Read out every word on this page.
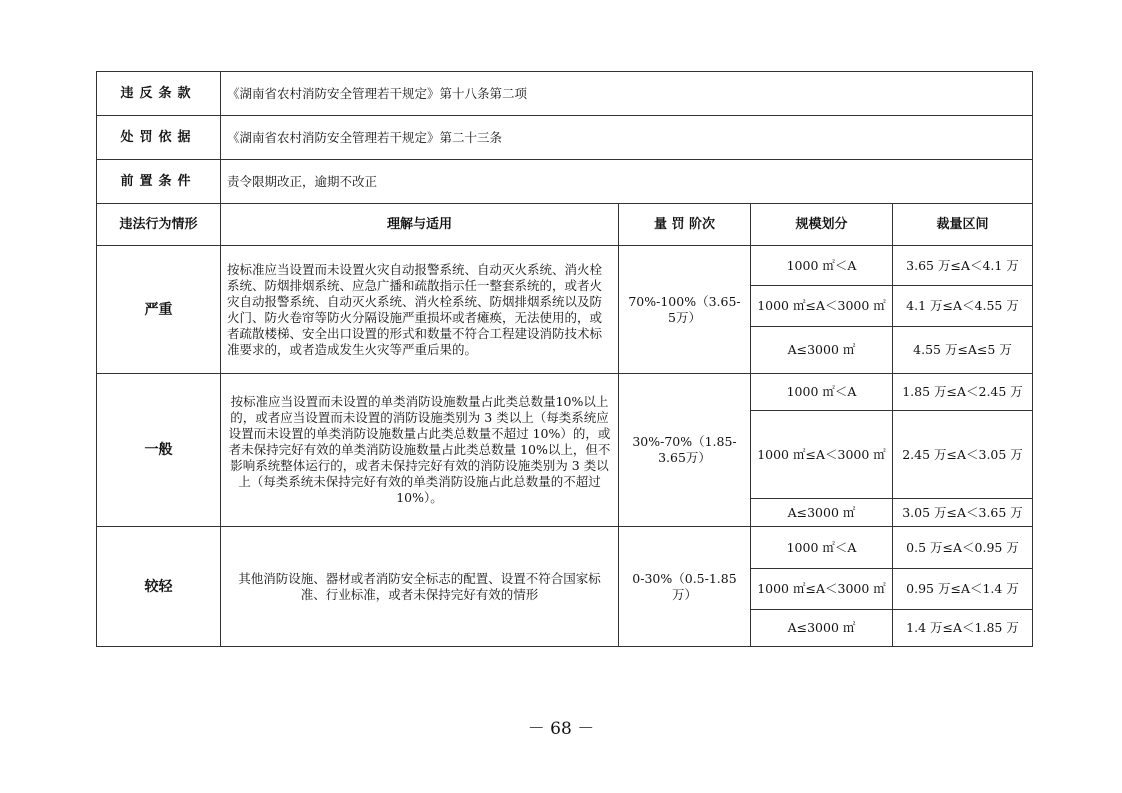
违反条款	《湖南省农村消防安全管理若干规定》第十八条第二项			
处罚依据	《湖南省农村消防安全管理若干规定》第二十三条			
前置条件	责令限期改正，逾期不改正			
违法行为情形	理解与适用	量 罚 阶次	规模划分	裁量区间
严重	按标准应当设置而未设置火灾自动报警系统、自动灭火系统、消火栓系统、防烟排烟系统、应急广播和疏散指示任一整套系统的，或者火灾自动报警系统、自动灭火系统、消火栓系统、防烟排烟系统以及防火门、防火卷帘等防火分隔设施严重损坏或者瘫痪，无法使用的，或者疏散楼梯、安全出口设置的形式和数量不符合工程建设消防技术标准要求的，或者造成发生火灾等严重后果的。	70%-100%（3.65-5万）	1000 ㎡＜A	3.65 万≤A＜4.1 万
			1000 ㎡≤A＜3000 ㎡	4.1 万≤A＜4.55 万
			A≤3000 ㎡	4.55 万≤A≤5 万
一般	按标准应当设置而未设置的单类消防设施数量占此类总数量10%以上的，或者应当设置而未设置的消防设施类别为 3 类以上（每类系统应设置而未设置的单类消防设施数量占此类总数量不超过 10%）的，或者未保持完好有效的单类消防设施数量占此类总数量 10%以上，但不影响系统整体运行的，或者未保持完好有效的消防设施类别为 3 类以上（每类系统未保持完好有效的单类消防设施占此总数量的不超过 10%）。	30%-70%（1.85-3.65万）	1000 ㎡＜A	1.85 万≤A＜2.45 万
			1000 ㎡≤A＜3000 ㎡	2.45 万≤A＜3.05 万
			A≤3000 ㎡	3.05 万≤A＜3.65 万
较轻	其他消防设施、器材或者消防安全标志的配置、设置不符合国家标准、行业标准，或者未保持完好有效的情形	0-30%（0.5-1.85 万）	1000 ㎡＜A	0.5 万≤A＜0.95 万
			1000 ㎡≤A＜3000 ㎡	0.95 万≤A＜1.4 万
			A≤3000 ㎡	1.4 万≤A＜1.85 万
－ 68 －
